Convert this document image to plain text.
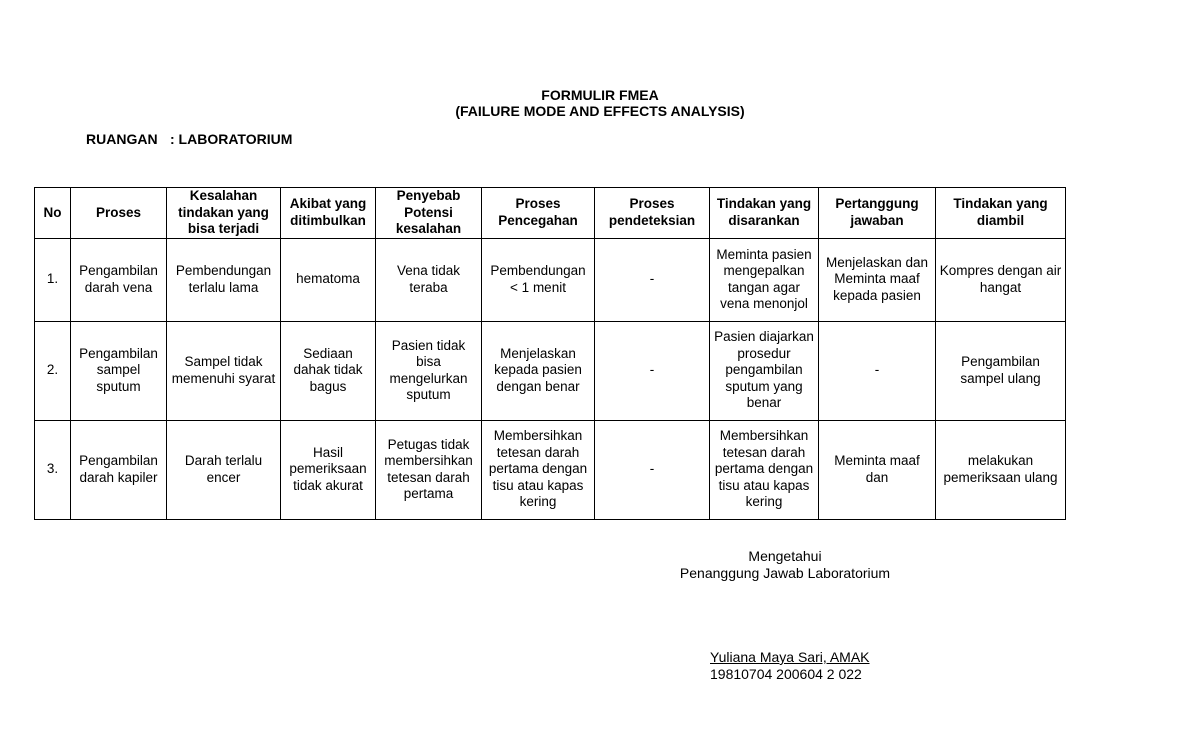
FORMULIR FMEA
(FAILURE MODE AND EFFECTS ANALYSIS)
RUANGAN : LABORATORIUM
No	Proses	Kesalahan tindakan yang bisa terjadi	Akibat yang ditimbulkan	Penyebab Potensi kesalahan	Proses Pencegahan	Proses pendeteksian	Tindakan yang disarankan	Pertanggung jawaban	Tindakan yang diambil
1.	Pengambilan darah vena	Pembendungan terlalu lama	hematoma	Vena tidak teraba	Pembendungan < 1 menit	-	Meminta pasien mengepalkan tangan agar vena menonjol	Menjelaskan dan Meminta maaf kepada pasien	Kompres dengan air hangat
2.	Pengambilan sampel sputum	Sampel tidak memenuhi syarat	Sediaan dahak tidak bagus	Pasien tidak bisa mengelurkan sputum	Menjelaskan kepada pasien dengan benar	-	Pasien diajarkan prosedur pengambilan sputum yang benar	-	Pengambilan sampel ulang
3.	Pengambilan darah kapiler	Darah terlalu encer	Hasil pemeriksaan tidak akurat	Petugas tidak membersihkan tetesan darah pertama	Membersihkan tetesan darah pertama dengan tisu atau kapas kering	-	Membersihkan tetesan darah pertama dengan tisu atau kapas kering	Meminta maaf dan	melakukan pemeriksaan ulang
Mengetahui
Penanggung Jawab Laboratorium
Yuliana Maya Sari, AMAK
19810704 200604 2 022
